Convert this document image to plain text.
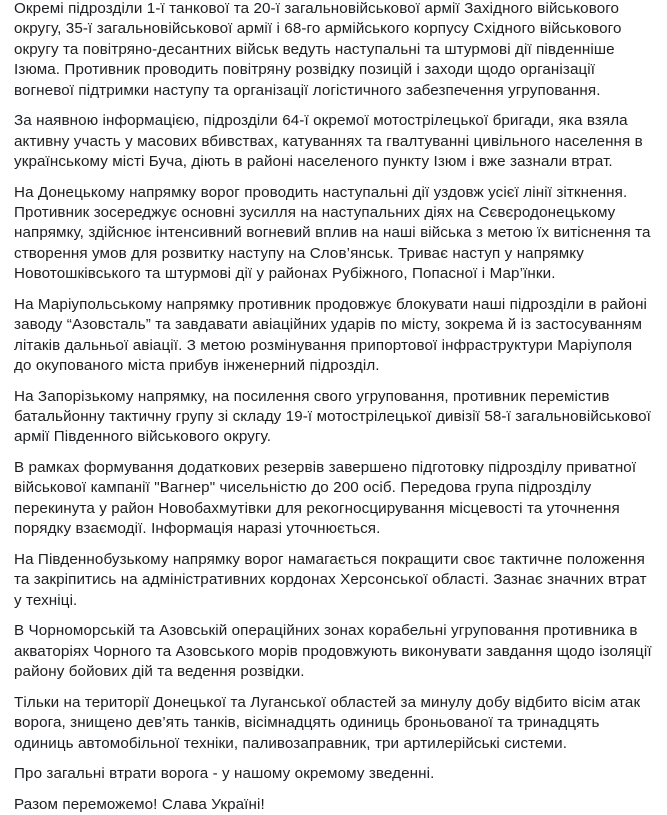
Окремі підрозділи 1-ї танкової та 20-ї загальновійськової армії Західного військового округу, 35-ї загальновійськової армії і 68-го армійського корпусу Східного військового округу та повітряно-десантних військ ведуть наступальні та штурмові дії південніше Ізюма. Противник проводить повітряну розвідку позицій і заходи щодо організації вогневої підтримки наступу та організації логістичного забезпечення угруповання.

За наявною інформацією, підрозділи 64-ї окремої мотострілецької бригади, яка взяла активну участь у масових вбивствах, катуваннях та гвалтуванні цивільного населення в українському місті Буча, діють в районі населеного пункту Ізюм і вже зазнали втрат.

На Донецькому напрямку ворог проводить наступальні дії уздовж усієї лінії зіткнення. Противник зосереджує основні зусилля на наступальних діях на Сєвєродонецькому напрямку, здійснює інтенсивний вогневий вплив на наші війська з метою їх витіснення та створення умов для розвитку наступу на Слов’янськ. Триває наступ у напрямку Новотошківського та штурмові дії у районах Рубіжного, Попасної і Мар’їнки.

На Маріупольському напрямку противник продовжує блокувати наші підрозділи в районі заводу “Азовсталь” та завдавати авіаційних ударів по місту, зокрема й із застосуванням літаків дальньої авіації. З метою розмінування припортової інфраструктури Маріуполя до окупованого міста прибув інженерний підрозділ.

На Запорізькому напрямку, на посилення свого угруповання, противник перемістив батальйонну тактичну групу зі складу 19-ї мотострілецької дивізії 58-ї загальновійськової армії Південного військового округу.

В рамках формування додаткових резервів завершено підготовку підрозділу приватної військової кампанії "Вагнер" чисельністю до 200 осіб. Передова група підрозділу перекинута у район Новобахмутівки для рекогносцирування місцевості та уточнення порядку взаємодії. Інформація наразі уточнюється.

На Південнобузькому напрямку ворог намагається покращити своє тактичне положення та закріпитись на адміністративних кордонах Херсонської області. Зазнає значних втрат у техніці.

В Чорноморській та Азовській операційних зонах корабельні угруповання противника в акваторіях Чорного та Азовського морів продовжують виконувати завдання щодо ізоляції району бойових дій та ведення розвідки.

Тільки на території Донецької та Луганської областей за минулу добу відбито вісім атак ворога, знищено дев’ять танків, вісімнадцять одиниць броньованої та тринадцять одиниць автомобільної техніки, паливозаправник, три артилерійські системи.

Про загальні втрати ворога - у нашому окремому зведенні.

Разом переможемо! Слава Україні!
